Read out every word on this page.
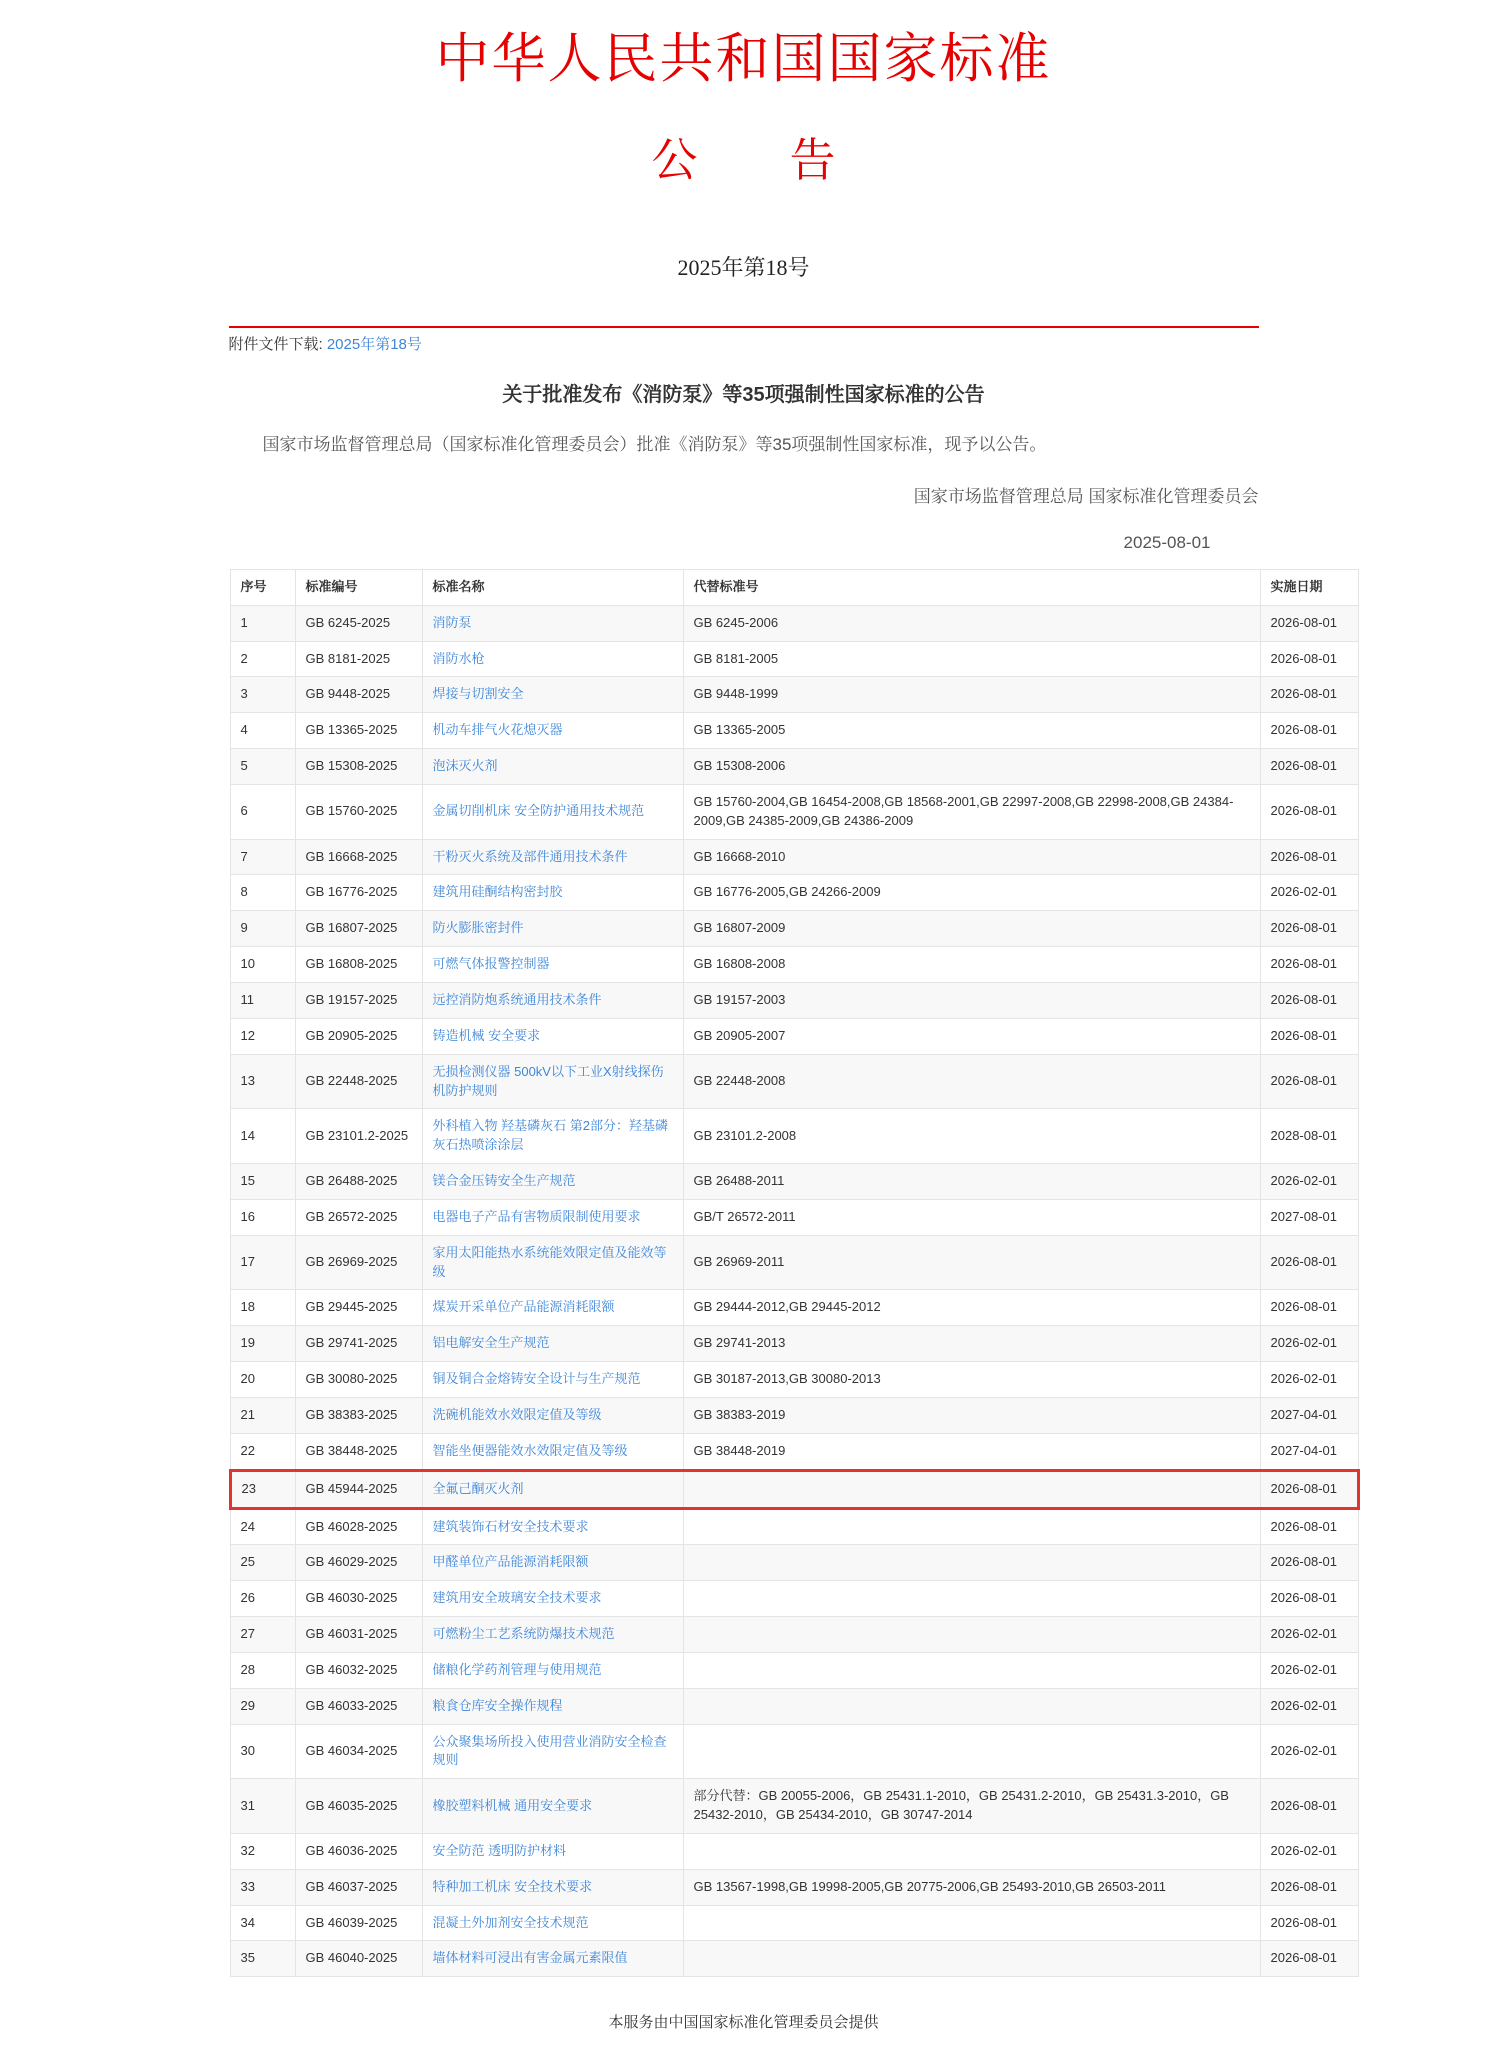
中华人民共和国国家标准
公　　告
2025年第18号
附件文件下载: 2025年第18号
关于批准发布《消防泵》等35项强制性国家标准的公告
国家市场监督管理总局（国家标准化管理委员会）批准《消防泵》等35项强制性国家标准，现予以公告。
国家市场监督管理总局 国家标准化管理委员会
2025-08-01
序号	标准编号	标准名称	代替标准号	实施日期
1	GB 6245-2025	消防泵	GB 6245-2006	2026-08-01
2	GB 8181-2025	消防水枪	GB 8181-2005	2026-08-01
3	GB 9448-2025	焊接与切割安全	GB 9448-1999	2026-08-01
4	GB 13365-2025	机动车排气火花熄灭器	GB 13365-2005	2026-08-01
5	GB 15308-2025	泡沫灭火剂	GB 15308-2006	2026-08-01
6	GB 15760-2025	金属切削机床 安全防护通用技术规范	GB 15760-2004,GB 16454-2008,GB 18568-2001,GB 22997-2008,GB 22998-2008,GB 24384-2009,GB 24385-2009,GB 24386-2009	2026-08-01
7	GB 16668-2025	干粉灭火系统及部件通用技术条件	GB 16668-2010	2026-08-01
8	GB 16776-2025	建筑用硅酮结构密封胶	GB 16776-2005,GB 24266-2009	2026-02-01
9	GB 16807-2025	防火膨胀密封件	GB 16807-2009	2026-08-01
10	GB 16808-2025	可燃气体报警控制器	GB 16808-2008	2026-08-01
11	GB 19157-2025	远控消防炮系统通用技术条件	GB 19157-2003	2026-08-01
12	GB 20905-2025	铸造机械 安全要求	GB 20905-2007	2026-08-01
13	GB 22448-2025	无损检测仪器 500kV以下工业X射线探伤机防护规则	GB 22448-2008	2026-08-01
14	GB 23101.2-2025	外科植入物 羟基磷灰石 第2部分：羟基磷灰石热喷涂涂层	GB 23101.2-2008	2028-08-01
15	GB 26488-2025	镁合金压铸安全生产规范	GB 26488-2011	2026-02-01
16	GB 26572-2025	电器电子产品有害物质限制使用要求	GB/T 26572-2011	2027-08-01
17	GB 26969-2025	家用太阳能热水系统能效限定值及能效等级	GB 26969-2011	2026-08-01
18	GB 29445-2025	煤炭开采单位产品能源消耗限额	GB 29444-2012,GB 29445-2012	2026-08-01
19	GB 29741-2025	铝电解安全生产规范	GB 29741-2013	2026-02-01
20	GB 30080-2025	铜及铜合金熔铸安全设计与生产规范	GB 30187-2013,GB 30080-2013	2026-02-01
21	GB 38383-2025	洗碗机能效水效限定值及等级	GB 38383-2019	2027-04-01
22	GB 38448-2025	智能坐便器能效水效限定值及等级	GB 38448-2019	2027-04-01
23	GB 45944-2025	全氟己酮灭火剂		2026-08-01
24	GB 46028-2025	建筑装饰石材安全技术要求		2026-08-01
25	GB 46029-2025	甲醛单位产品能源消耗限额		2026-08-01
26	GB 46030-2025	建筑用安全玻璃安全技术要求		2026-08-01
27	GB 46031-2025	可燃粉尘工艺系统防爆技术规范		2026-02-01
28	GB 46032-2025	储粮化学药剂管理与使用规范		2026-02-01
29	GB 46033-2025	粮食仓库安全操作规程		2026-02-01
30	GB 46034-2025	公众聚集场所投入使用营业消防安全检查规则		2026-02-01
31	GB 46035-2025	橡胶塑料机械 通用安全要求	部分代替：GB 20055-2006，GB 25431.1-2010，GB 25431.2-2010，GB 25431.3-2010，GB 25432-2010，GB 25434-2010，GB 30747-2014	2026-08-01
32	GB 46036-2025	安全防范 透明防护材料		2026-02-01
33	GB 46037-2025	特种加工机床 安全技术要求	GB 13567-1998,GB 19998-2005,GB 20775-2006,GB 25493-2010,GB 26503-2011	2026-08-01
34	GB 46039-2025	混凝土外加剂安全技术规范		2026-08-01
35	GB 46040-2025	墙体材料可浸出有害金属元素限值		2026-08-01
本服务由中国国家标准化管理委员会提供
